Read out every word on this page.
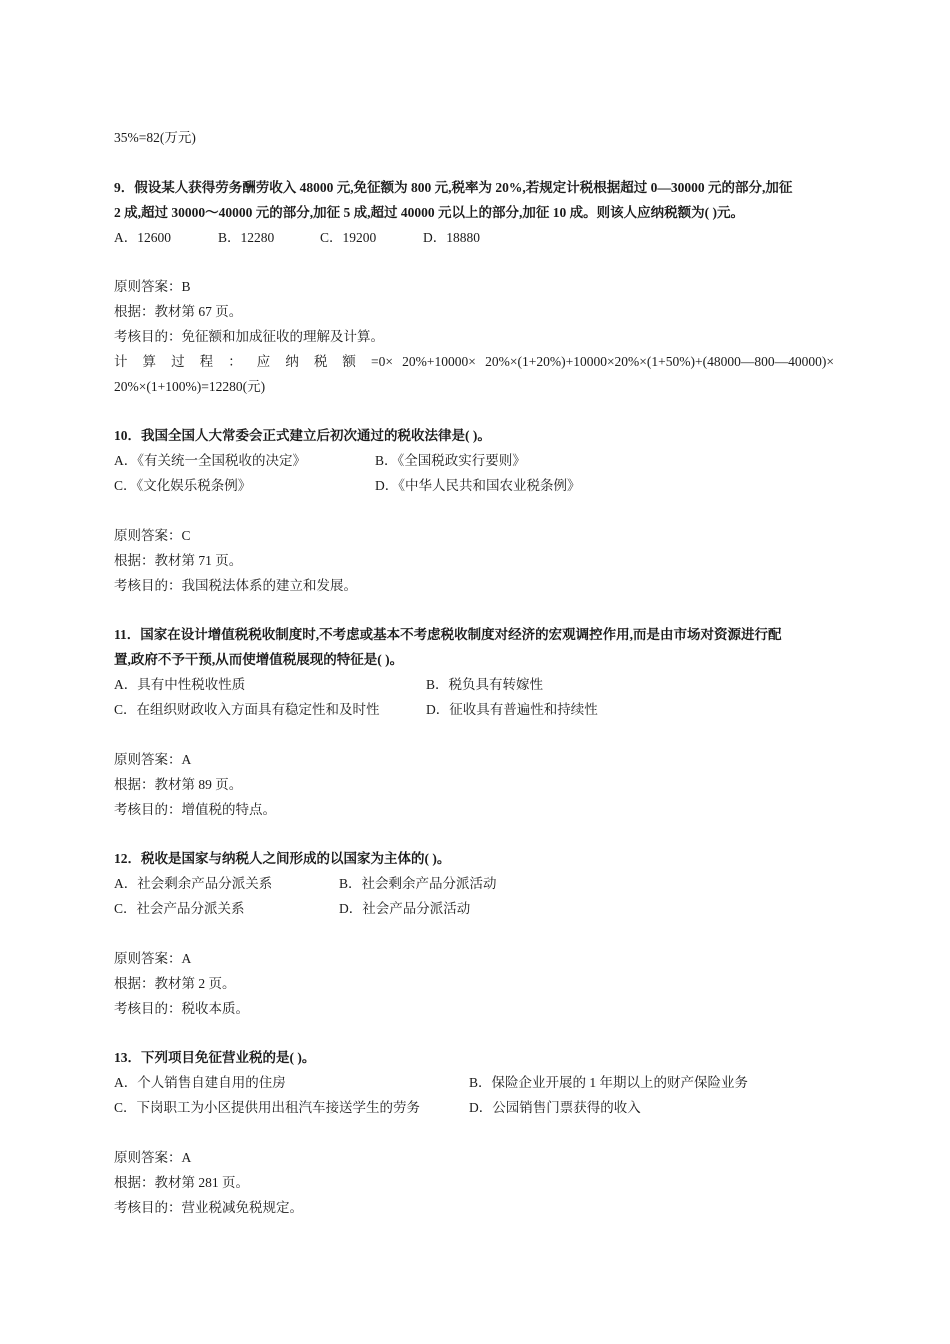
35%=82(万元)
9．假设某人获得劳务酬劳收入 48000 元,免征额为 800 元,税率为 20%,若规定计税根据超过 0—30000 元的部分,加征
2 成,超过 30000～40000 元的部分,加征 5 成,超过 40000 元以上的部分,加征 10 成。则该人应纳税额为( )元。
A．12600	B．12280	C．19200	D．18880
原则答案：B
根据：教材第 67 页。
考核目的：免征额和加成征收的理解及计算。
计 算 过 程 ： 应 纳 税 额 =0× 20%+10000× 20%×(1+20%)+10000×20%×(1+50%)+(48000—800—40000)×
20%×(1+100%)=12280(元)
10．我国全国人大常委会正式建立后初次通过的税收法律是( )。
A．《有关统一全国税收的决定》	B．《全国税政实行要则》
C．《文化娱乐税条例》	D．《中华人民共和国农业税条例》
原则答案：C
根据：教材第 71 页。
考核目的：我国税法体系的建立和发展。
11．国家在设计增值税税收制度时,不考虑或基本不考虑税收制度对经济的宏观调控作用,而是由市场对资源进行配
置,政府不予干预,从而使增值税展现的特征是( )。
A．具有中性税收性质	B．税负具有转嫁性
C．在组织财政收入方面具有稳定性和及时性	D．征收具有普遍性和持续性
原则答案：A
根据：教材第 89 页。
考核目的：增值税的特点。
12．税收是国家与纳税人之间形成的以国家为主体的( )。
A．社会剩余产品分派关系	B．社会剩余产品分派活动
C．社会产品分派关系	D．社会产品分派活动
原则答案：A
根据：教材第 2 页。
考核目的：税收本质。
13．下列项目免征营业税的是( )。
A．个人销售自建自用的住房	B．保险企业开展的 1 年期以上的财产保险业务
C．下岗职工为小区提供用出租汽车接送学生的劳务	D．公园销售门票获得的收入
原则答案：A
根据：教材第 281 页。
考核目的：营业税减免税规定。
